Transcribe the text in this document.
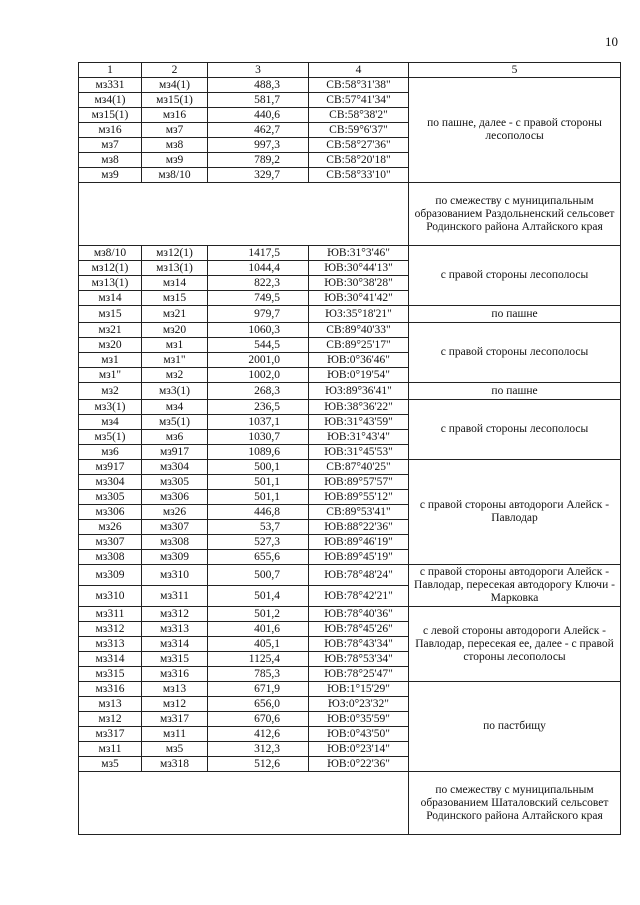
10
1	2	3	4	5
мз331	мз4(1)	488,3	СВ:58°31'38"	по пашне, далее - с правой стороны лесополосы
мз4(1)	мз15(1)	581,7	СВ:57°41'34"	
мз15(1)	мз16	440,6	СВ:58°38'2"	
мз16	мз7	462,7	СВ:59°6'37"	
мз7	мз8	997,3	СВ:58°27'36"	
мз8	мз9	789,2	СВ:58°20'18"	
мз9	мз8/10	329,7	СВ:58°33'10"	
				по смежеству с муниципальным образованием Раздольненский сельсовет Родинского района Алтайского края
мз8/10	мз12(1)	1417,5	ЮВ:31°3'46"	с правой стороны лесополосы
мз12(1)	мз13(1)	1044,4	ЮВ:30°44'13"	
мз13(1)	мз14	822,3	ЮВ:30°38'28"	
мз14	мз15	749,5	ЮВ:30°41'42"	
мз15	мз21	979,7	ЮЗ:35°18'21"	по пашне
мз21	мз20	1060,3	СВ:89°40'33"	с правой стороны лесополосы
мз20	мз1	544,5	СВ:89°25'17"	
мз1	мз1"	2001,0	ЮВ:0°36'46"	
мз1"	мз2	1002,0	ЮВ:0°19'54"	
мз2	мз3(1)	268,3	ЮЗ:89°36'41"	по пашне
мз3(1)	мз4	236,5	ЮВ:38°36'22"	с правой стороны лесополосы
мз4	мз5(1)	1037,1	ЮВ:31°43'59"	
мз5(1)	мз6	1030,7	ЮВ:31°43'4"	
мз6	мз917	1089,6	ЮВ:31°45'53"	
мз917	мз304	500,1	СВ:87°40'25"	с правой стороны автодороги Алейск - Павлодар
мз304	мз305	501,1	ЮВ:89°57'57"	
мз305	мз306	501,1	ЮВ:89°55'12"	
мз306	мз26	446,8	СВ:89°53'41"	
мз26	мз307	53,7	ЮВ:88°22'36"	
мз307	мз308	527,3	ЮВ:89°46'19"	
мз308	мз309	655,6	ЮВ:89°45'19"	
мз309	мз310	500,7	ЮВ:78°48'24"	с правой стороны автодороги Алейск - Павлодар, пересекая автодорогу Ключи - Марковка
мз310	мз311	501,4	ЮВ:78°42'21"	
мз311	мз312	501,2	ЮВ:78°40'36"	с левой стороны автодороги Алейск - Павлодар, пересекая ее, далее - с правой стороны лесополосы
мз312	мз313	401,6	ЮВ:78°45'26"	
мз313	мз314	405,1	ЮВ:78°43'34"	
мз314	мз315	1125,4	ЮВ:78°53'34"	
мз315	мз316	785,3	ЮВ:78°25'47"	
мз316	мз13	671,9	ЮВ:1°15'29"	по пастбищу
мз13	мз12	656,0	ЮЗ:0°23'32"	
мз12	мз317	670,6	ЮВ:0°35'59"	
мз317	мз11	412,6	ЮВ:0°43'50"	
мз11	мз5	312,3	ЮВ:0°23'14"	
мз5	мз318	512,6	ЮВ:0°22'36"	
				по смежеству с муниципальным образованием Шаталовский сельсовет Родинского района Алтайского края
